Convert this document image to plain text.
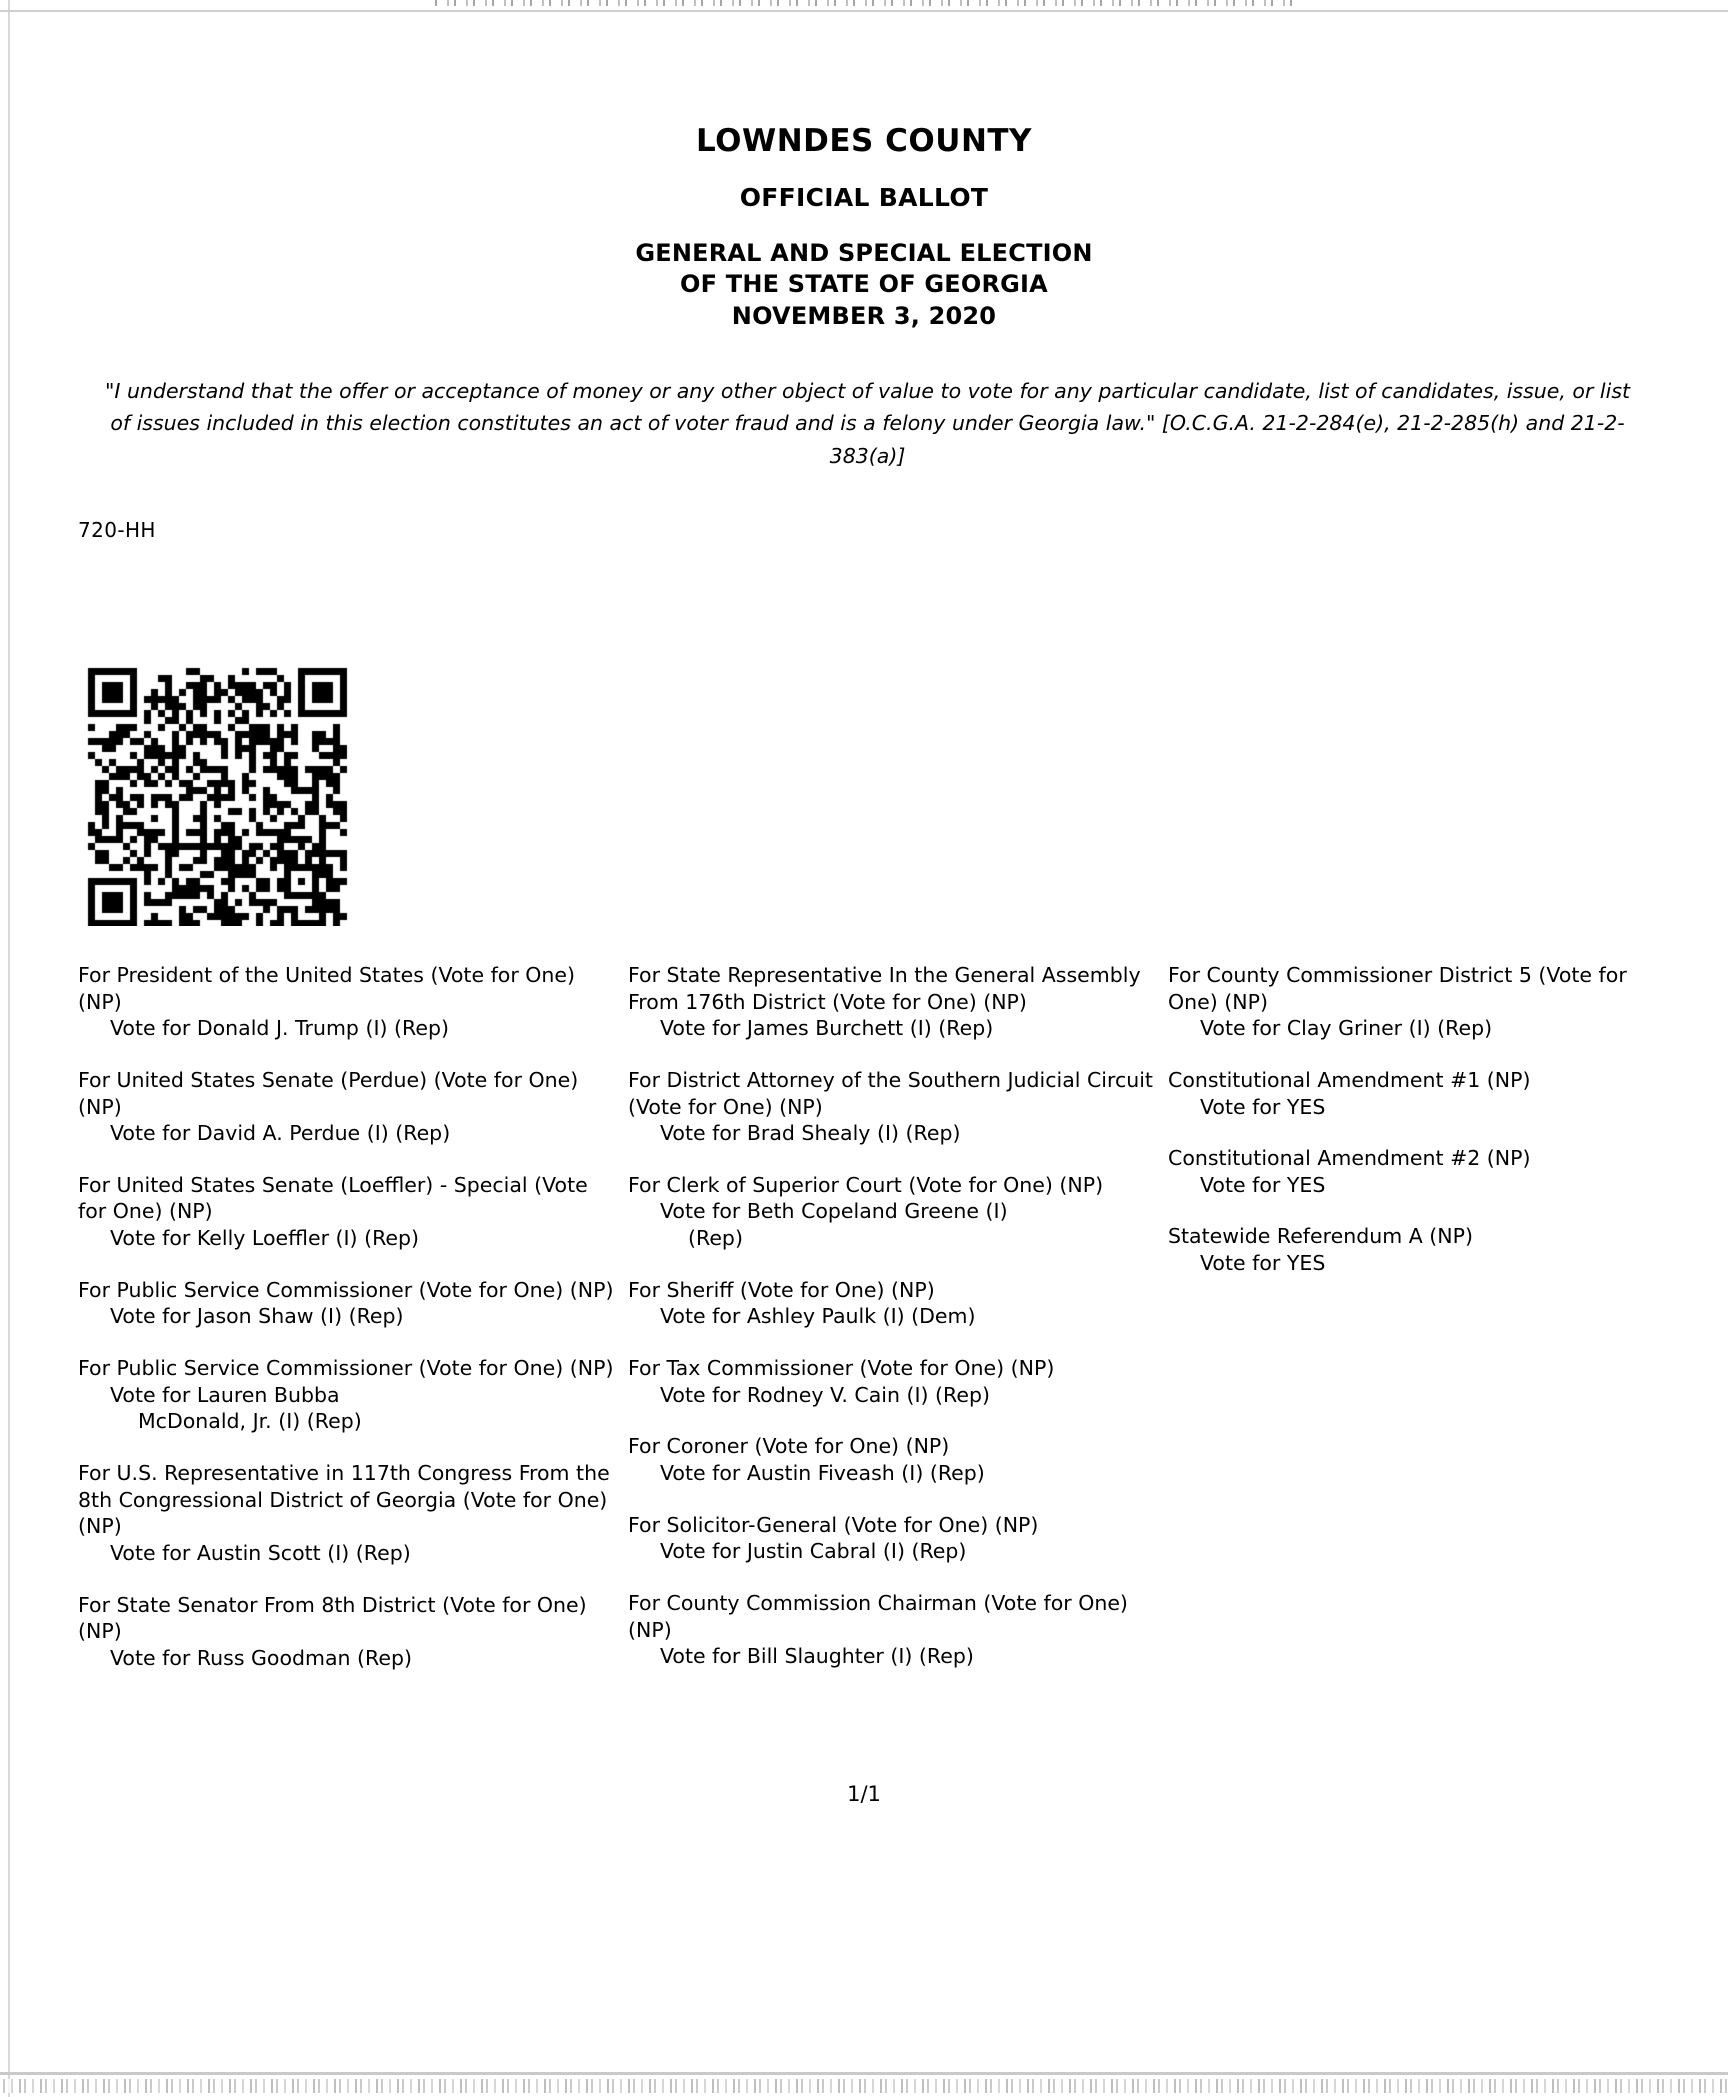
LOWNDES COUNTY
OFFICIAL BALLOT
GENERAL AND SPECIAL ELECTION
OF THE STATE OF GEORGIA
NOVEMBER 3, 2020
"I understand that the offer or acceptance of money or any other object of value to vote for any particular candidate, list of candidates, issue, or list of issues included in this election constitutes an act of voter fraud and is a felony under Georgia law." [O.C.G.A. 21-2-284(e), 21-2-285(h) and 21-2-383(a)]
720-HH
For President of the United States (Vote for One) (NP)
Vote for Donald J. Trump (I) (Rep)
For United States Senate (Perdue) (Vote for One) (NP)
Vote for David A. Perdue (I) (Rep)
For United States Senate (Loeffler) - Special (Vote for One) (NP)
Vote for Kelly Loeffler (I) (Rep)
For Public Service Commissioner (Vote for One) (NP)
Vote for Jason Shaw (I) (Rep)
For Public Service Commissioner (Vote for One) (NP)
Vote for Lauren Bubba
McDonald, Jr. (I) (Rep)
For U.S. Representative in 117th Congress From the 8th Congressional District of Georgia (Vote for One) (NP)
Vote for Austin Scott (I) (Rep)
For State Senator From 8th District (Vote for One) (NP)
Vote for Russ Goodman (Rep)
For State Representative In the General Assembly From 176th District (Vote for One) (NP)
Vote for James Burchett (I) (Rep)
For District Attorney of the Southern Judicial Circuit (Vote for One) (NP)
Vote for Brad Shealy (I) (Rep)
For Clerk of Superior Court (Vote for One) (NP)
Vote for Beth Copeland Greene (I)
(Rep)
For Sheriff (Vote for One) (NP)
Vote for Ashley Paulk (I) (Dem)
For Tax Commissioner (Vote for One) (NP)
Vote for Rodney V. Cain (I) (Rep)
For Coroner (Vote for One) (NP)
Vote for Austin Fiveash (I) (Rep)
For Solicitor-General (Vote for One) (NP)
Vote for Justin Cabral (I) (Rep)
For County Commission Chairman (Vote for One) (NP)
Vote for Bill Slaughter (I) (Rep)
For County Commissioner District 5 (Vote for One) (NP)
Vote for Clay Griner (I) (Rep)
Constitutional Amendment #1 (NP)
Vote for YES
Constitutional Amendment #2 (NP)
Vote for YES
Statewide Referendum A (NP)
Vote for YES
1/1
